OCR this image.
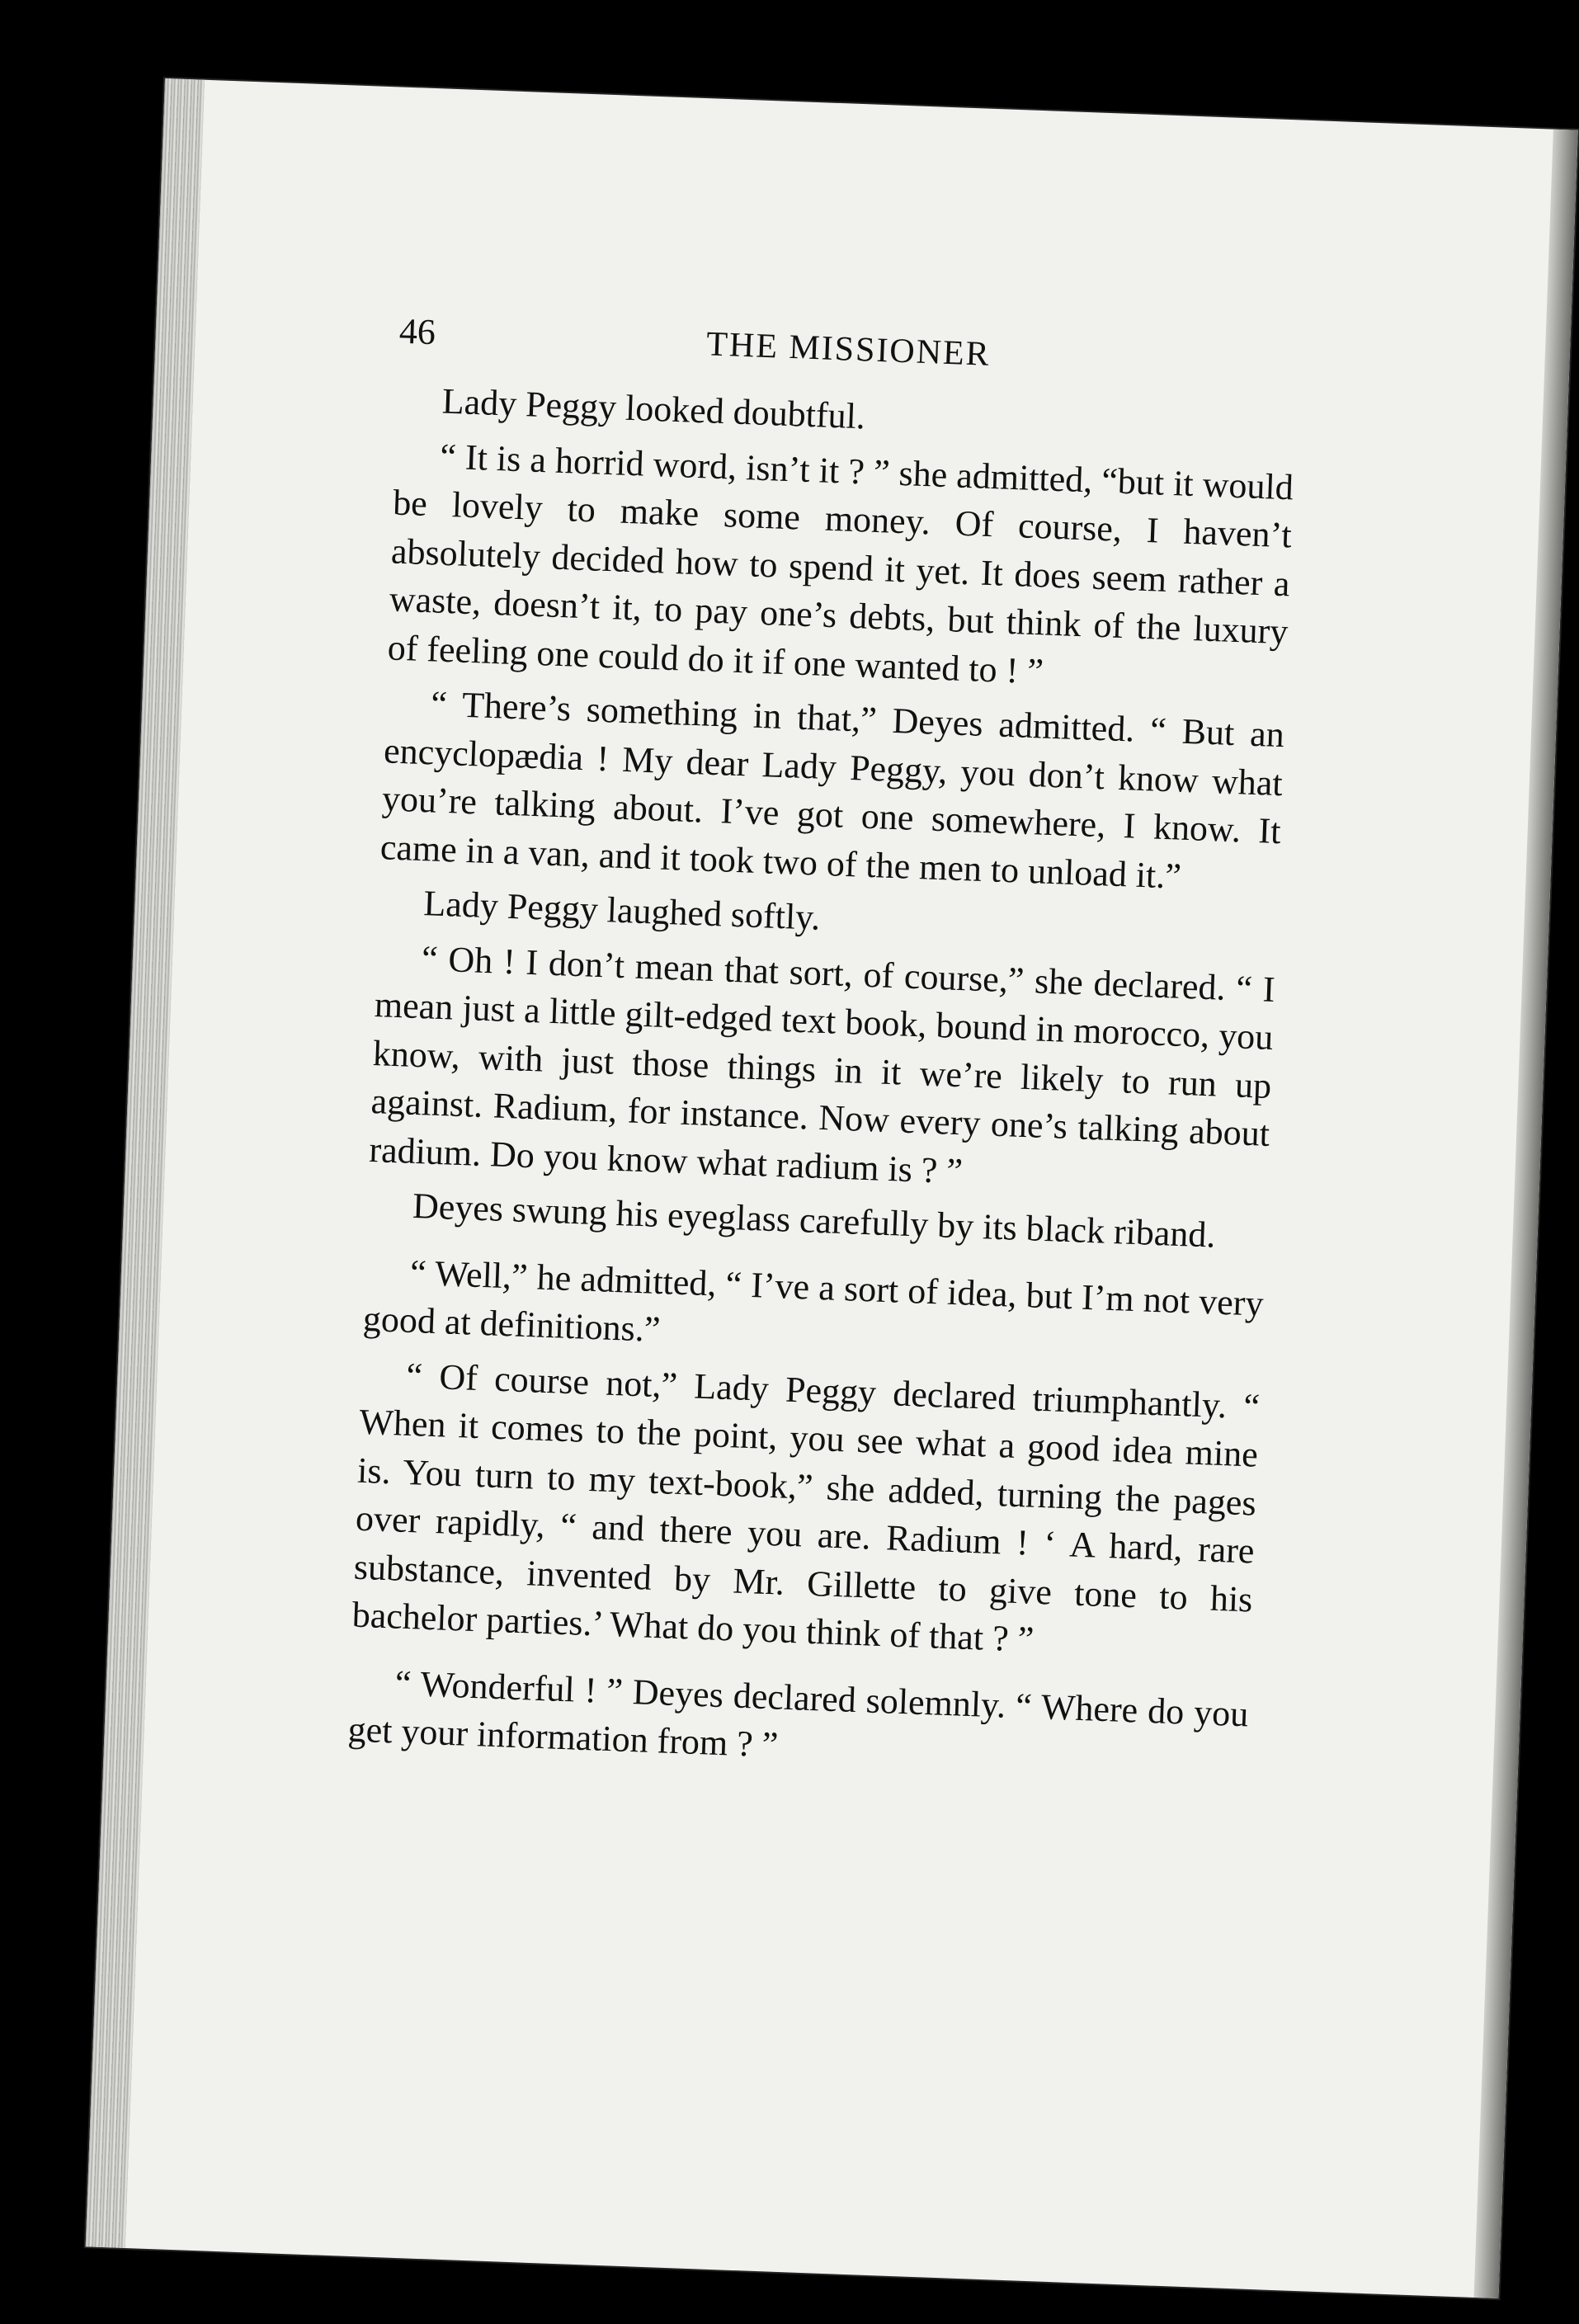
46	THE MISSIONER

Lady Peggy looked doubtful.

“ It is a horrid word, isn’t it ? ” she admitted, “but it would be lovely to make some money. Of course, I haven’t absolutely decided how to spend it yet. It does seem rather a waste, doesn’t it, to pay one’s debts, but think of the luxury of feeling one could do it if one wanted to ! ”

“ There’s something in that,” Deyes admitted. “ But an encyclopædia ! My dear Lady Peggy, you don’t know what you’re talking about. I’ve got one somewhere, I know. It came in a van, and it took two of the men to unload it.”

Lady Peggy laughed softly.

“ Oh ! I don’t mean that sort, of course,” she declared. “ I mean just a little gilt-edged text book, bound in morocco, you know, with just those things in it we’re likely to run up against. Radium, for instance. Now every one’s talking about radium. Do you know what radium is ? ”

Deyes swung his eyeglass carefully by its black riband.

“ Well,” he admitted, “ I’ve a sort of idea, but I’m not very good at definitions.”

“ Of course not,” Lady Peggy declared triumphantly. “ When it comes to the point, you see what a good idea mine is. You turn to my text-book,” she added, turning the pages over rapidly, “ and there you are. Radium ! ‘ A hard, rare substance, invented by Mr. Gillette to give tone to his bachelor parties.’ What do you think of that ? ”

“ Wonderful ! ” Deyes declared solemnly. “ Where do you get your information from ? ”
